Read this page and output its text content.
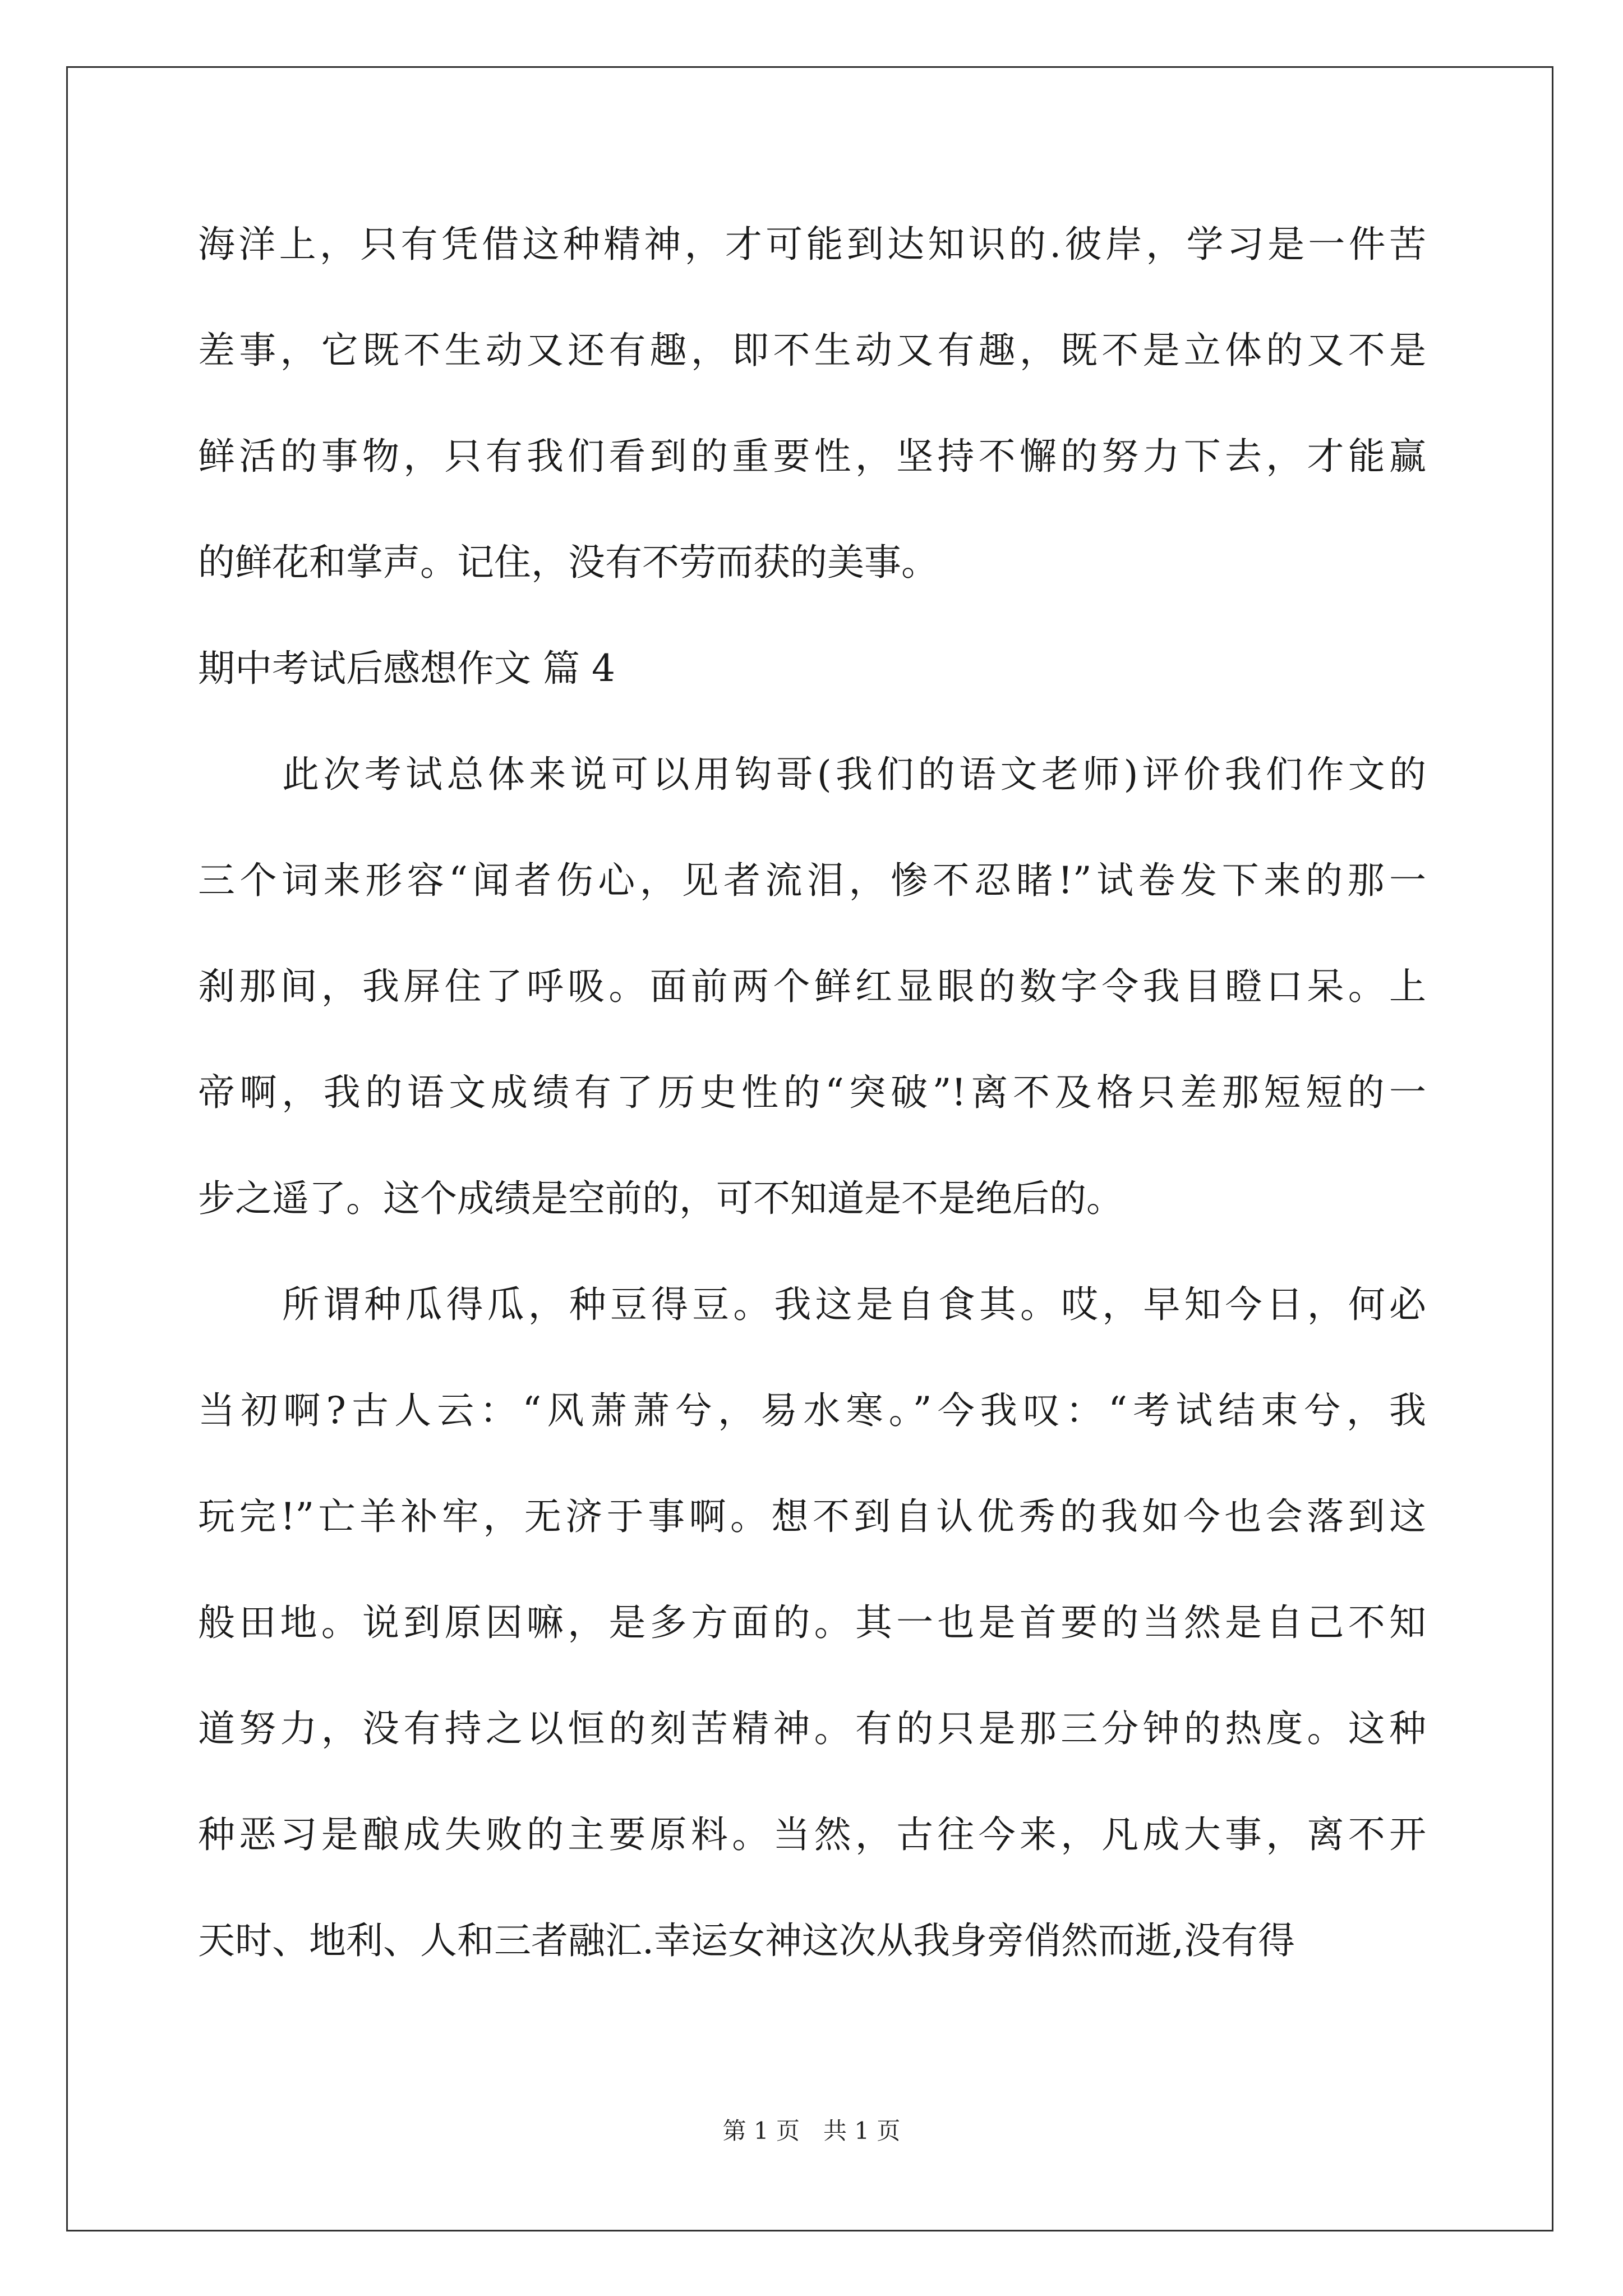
海洋上，只有凭借这种精神，才可能到达知识的.彼岸，学习是一件苦
差事，它既不生动又还有趣，即不生动又有趣，既不是立体的又不是
鲜活的事物，只有我们看到的重要性，坚持不懈的努力下去，才能赢
的鲜花和掌声。记住，没有不劳而获的美事。
期中考试后感想作文 篇 4
此次考试总体来说可以用钩哥(我们的语文老师)评价我们作文的
三个词来形容“闻者伤心，见者流泪，惨不忍睹!”试卷发下来的那一
刹那间，我屏住了呼吸。面前两个鲜红显眼的数字令我目瞪口呆。上
帝啊，我的语文成绩有了历史性的“突破”!离不及格只差那短短的一
步之遥了。这个成绩是空前的，可不知道是不是绝后的。
所谓种瓜得瓜，种豆得豆。我这是自食其。哎，早知今日，何必
当初啊?古人云：“风萧萧兮，易水寒。”今我叹：“考试结束兮，我
玩完!”亡羊补牢，无济于事啊。想不到自认优秀的我如今也会落到这
般田地。说到原因嘛，是多方面的。其一也是首要的当然是自己不知
道努力，没有持之以恒的刻苦精神。有的只是那三分钟的热度。这种
种恶习是酿成失败的主要原料。当然，古往今来，凡成大事，离不开
天时、地利、人和三者融汇.幸运女神这次从我身旁俏然而逝,没有得
第 1 页　共 1 页
